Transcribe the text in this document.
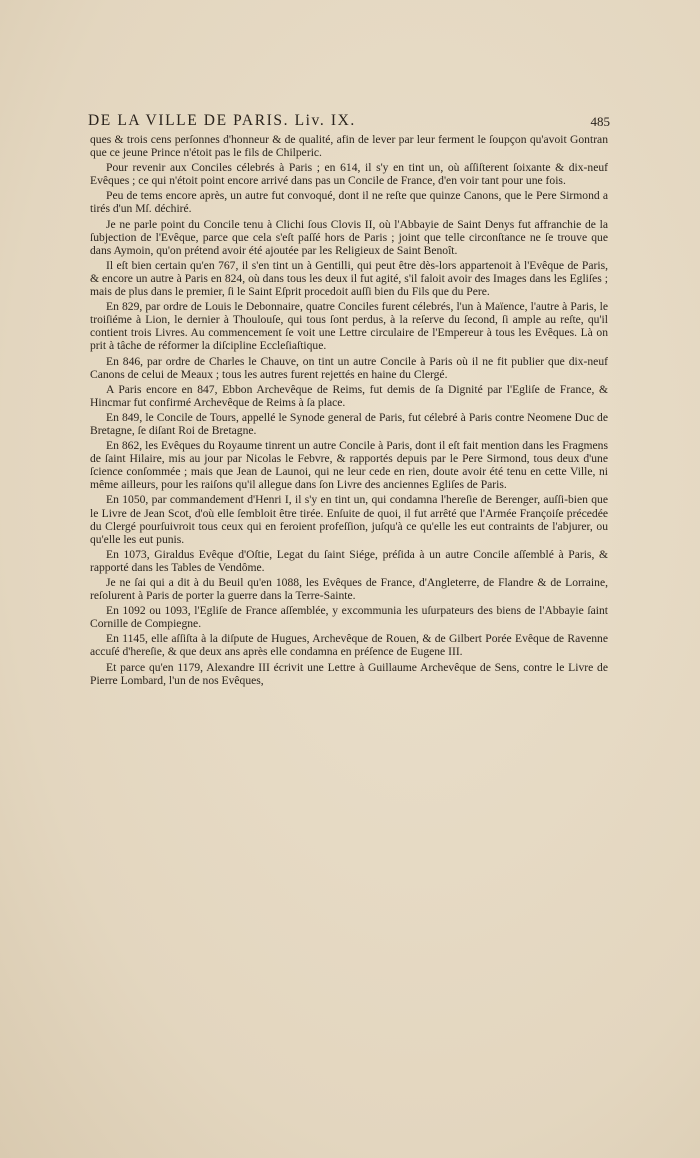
DE LA VILLE DE PARIS. Liv. IX.	485

ques & trois cens perſonnes d'honneur & de qualité, afin de lever par leur ferment le ſoupçon qu'avoit Gontran que ce jeune Prince n'étoit pas le fils de Chilperic.

Pour revenir aux Conciles célebrés à Paris ; en 614, il s'y en tint un, où aſſiſterent ſoixante & dix-neuf Evêques ; ce qui n'étoit point encore arrivé dans pas un Concile de France, d'en voir tant pour une fois.

Peu de tems encore après, un autre fut convoqué, dont il ne reſte que quinze Canons, que le Pere Sirmond a tirés d'un Mſ. déchiré.

Je ne parle point du Concile tenu à Clichi ſous Clovis II, où l'Abbayie de Saint Denys fut affranchie de la ſubjection de l'Evêque, parce que cela s'eſt paſſé hors de Paris ; joint que telle circonſtance ne ſe trouve que dans Aymoin, qu'on prétend avoir été ajoutée par les Religieux de Saint Benoît.

Il eſt bien certain qu'en 767, il s'en tint un à Gentilli, qui peut être dès-lors appartenoit à l'Evêque de Paris, & encore un autre à Paris en 824, où dans tous les deux il fut agité, s'il faloit avoir des Images dans les Egliſes ; mais de plus dans le premier, ſi le Saint Eſprit procedoit auſſi bien du Fils que du Pere.

En 829, par ordre de Louis le Debonnaire, quatre Conciles furent célebrés, l'un à Maïence, l'autre à Paris, le troiſiéme à Lion, le dernier à Thoulouſe, qui tous ſont perdus, à la reſerve du ſecond, ſi ample au reſte, qu'il contient trois Livres. Au commencement ſe voit une Lettre circulaire de l'Empereur à tous les Evêques. Là on prit à tâche de réformer la diſcipline Eccleſiaſtique.

En 846, par ordre de Charles le Chauve, on tint un autre Concile à Paris où il ne fit publier que dix-neuf Canons de celui de Meaux ; tous les autres furent rejettés en haine du Clergé.

A Paris encore en 847, Ebbon Archevêque de Reims, fut demis de ſa Dignité par l'Egliſe de France, & Hincmar fut confirmé Archevêque de Reims à ſa place.

En 849, le Concile de Tours, appellé le Synode general de Paris, fut célebré à Paris contre Neomene Duc de Bretagne, ſe diſant Roi de Bretagne.

En 862, les Evêques du Royaume tinrent un autre Concile à Paris, dont il eſt fait mention dans les Fragmens de ſaint Hilaire, mis au jour par Nicolas le Febvre, & rapportés depuis par le Pere Sirmond, tous deux d'une ſcience conſommée ; mais que Jean de Launoi, qui ne leur cede en rien, doute avoir été tenu en cette Ville, ni même ailleurs, pour les raiſons qu'il allegue dans ſon Livre des anciennes Egliſes de Paris.

En 1050, par commandement d'Henri I, il s'y en tint un, qui condamna l'hereſie de Berenger, auſſi-bien que le Livre de Jean Scot, d'où elle ſembloit être tirée. Enſuite de quoi, il fut arrêté que l'Armée Françoiſe précedée du Clergé pourſuivroit tous ceux qui en feroient profeſſion, juſqu'à ce qu'elle les eut contraints de l'abjurer, ou qu'elle les eut punis.

En 1073, Giraldus Evêque d'Oſtie, Legat du ſaint Siége, préſida à un autre Concile aſſemblé à Paris, & rapporté dans les Tables de Vendôme.

Je ne ſai qui a dit à du Beuil qu'en 1088, les Evêques de France, d'Angleterre, de Flandre & de Lorraine, reſolurent à Paris de porter la guerre dans la Terre-Sainte.

En 1092 ou 1093, l'Egliſe de France aſſemblée, y excommunia les uſurpateurs des biens de l'Abbayie ſaint Cornille de Compiegne.

En 1145, elle aſſiſta à la diſpute de Hugues, Archevêque de Rouen, & de Gilbert Porée Evêque de Ravenne accuſé d'hereſie, & que deux ans après elle condamna en préſence de Eugene III.

Et parce qu'en 1179, Alexandre III écrivit une Lettre à Guillaume Archevêque de Sens, contre le Livre de Pierre Lombard, l'un de nos Evêques,
